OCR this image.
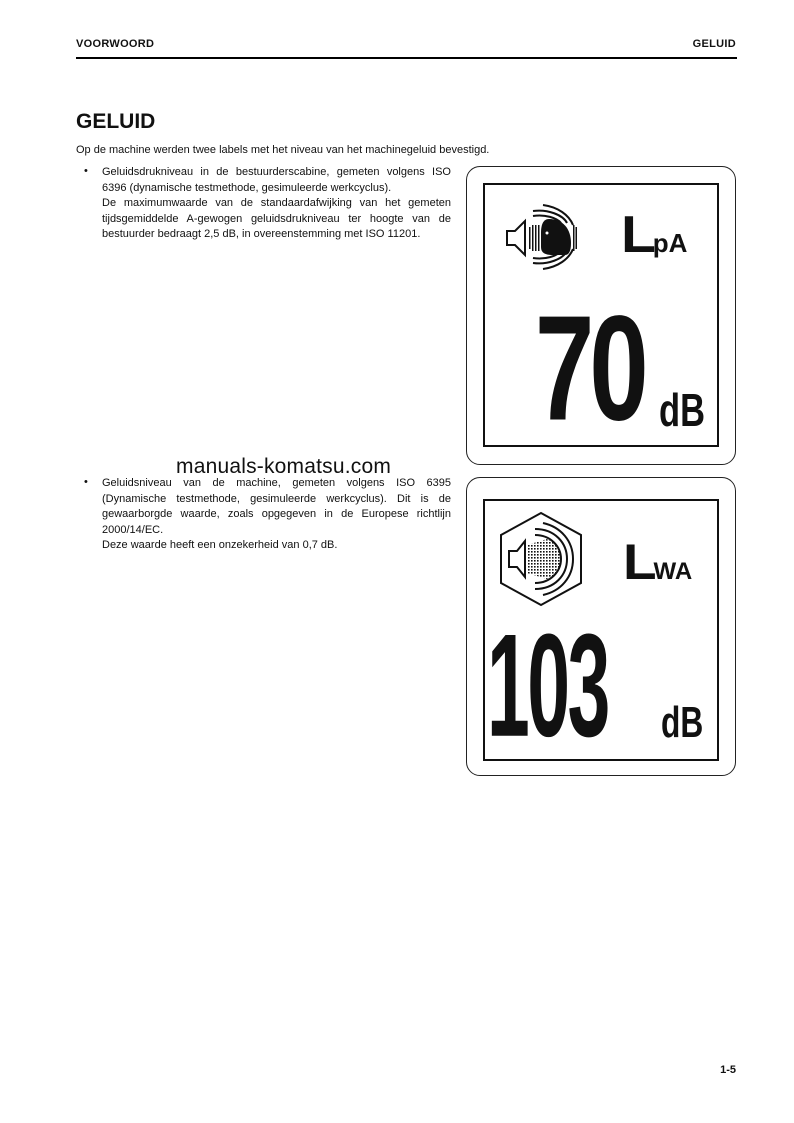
VOORWOORD	GELUID
GELUID
Op de machine werden twee labels met het niveau van het machinegeluid bevestigd.
• Geluidsdrukniveau in de bestuurderscabine, gemeten volgens ISO 6396 (dynamische testmethode, gesimuleerde werkcyclus).

De maximumwaarde van de standaardafwijking van het gemeten tijdsgemiddelde A-gewogen geluidsdrukniveau ter hoogte van de bestuurder bedraagt 2,5 dB, in overeenstemming met ISO 11201.

• Geluidsniveau van de machine, gemeten volgens ISO 6395 (Dynamische testmethode, gesimuleerde werkcyclus). Dit is de gewaarborgde waarde, zoals opgegeven in de Europese richtlijn 2000/14/EC.

Deze waarde heeft een onzekerheid van 0,7 dB.

manuals-komatsu.com
LpA
70 dB
LWA
103 dB
1-5
